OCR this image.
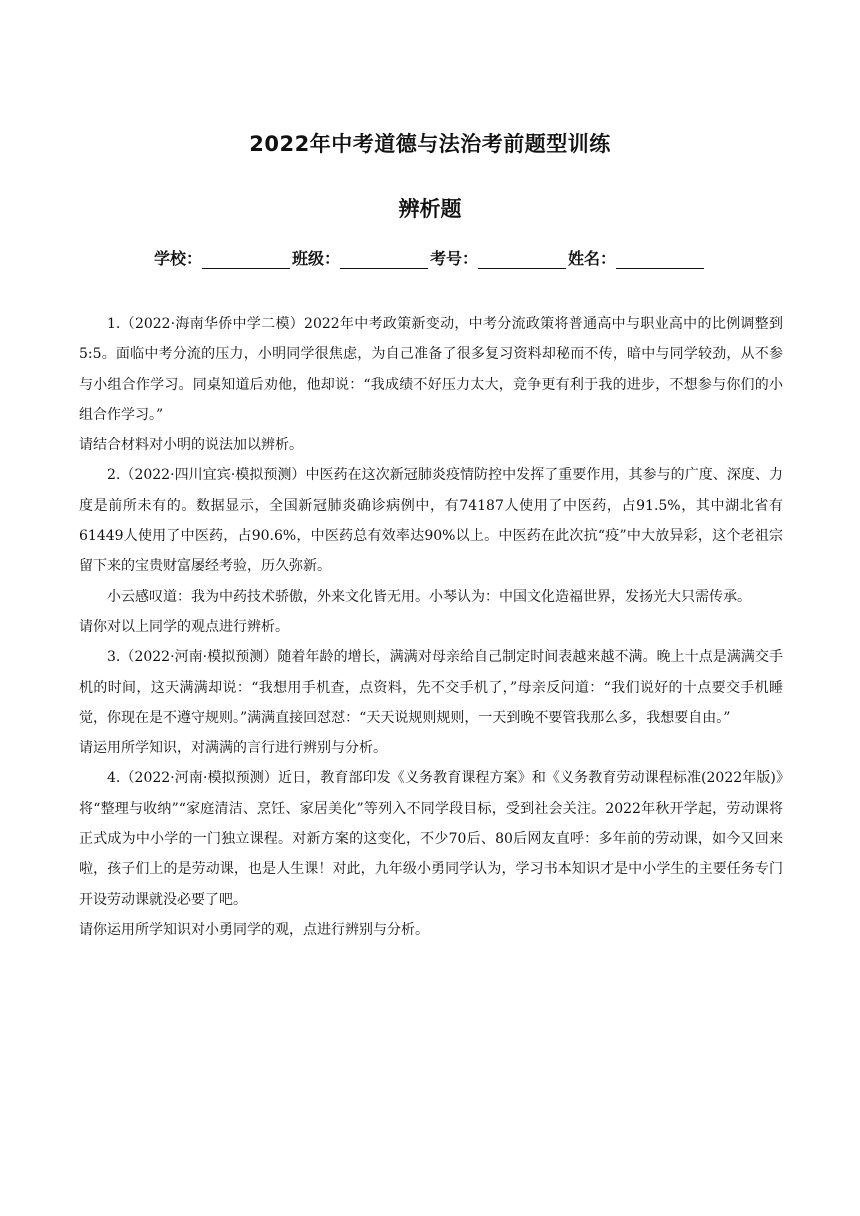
2022年中考道德与法治考前题型训练
辨析题
学校：	班级：	考号：	姓名：

1.（2022·海南华侨中学二模）2022年中考政策新变动，中考分流政策将普通高中与职业高中的比例调整到5:5。面临中考分流的压力，小明同学很焦虑，为自己准备了很多复习资料却秘而不传，暗中与同学较劲，从不参与小组合作学习。同桌知道后劝他，他却说：“我成绩不好压力太大，竞争更有利于我的进步，不想参与你们的小组合作学习。”

请结合材料对小明的说法加以辨析。

2.（2022·四川宜宾·模拟预测）中医药在这次新冠肺炎疫情防控中发挥了重要作用，其参与的广度、深度、力度是前所未有的。数据显示，全国新冠肺炎确诊病例中，有74187人使用了中医药，占91.5%，其中湖北省有61449人使用了中医药，占90.6%，中医药总有效率达90%以上。中医药在此次抗“疫”中大放异彩，这个老祖宗留下来的宝贵财富屡经考验，历久弥新。

小云感叹道：我为中药技术骄傲，外来文化皆无用。小琴认为：中国文化造福世界，发扬光大只需传承。

请你对以上同学的观点进行辨析。

3.（2022·河南·模拟预测）随着年龄的增长，满满对母亲给自己制定时间表越来越不满。晚上十点是满满交手机的时间，这天满满却说：“我想用手机查，点资料，先不交手机了，”母亲反问道：“我们说好的十点要交手机睡觉，你现在是不遵守规则。”满满直接回怼怼：“天天说规则规则，一天到晚不要管我那么多，我想要自由。”

请运用所学知识，对满满的言行进行辨别与分析。

4.（2022·河南·模拟预测）近日，教育部印发《义务教育课程方案》和《义务教育劳动课程标准(2022年版)》将“整理与收纳”“家庭清洁、烹饪、家居美化”等列入不同学段目标，受到社会关注。2022年秋开学起，劳动课将正式成为中小学的一门独立课程。对新方案的这变化，不少70后、80后网友直呼：多年前的劳动课，如今又回来啦，孩子们上的是劳动课，也是人生课！对此，九年级小勇同学认为，学习书本知识才是中小学生的主要任务专门开设劳动课就没必要了吧。

请你运用所学知识对小勇同学的观，点进行辨别与分析。
